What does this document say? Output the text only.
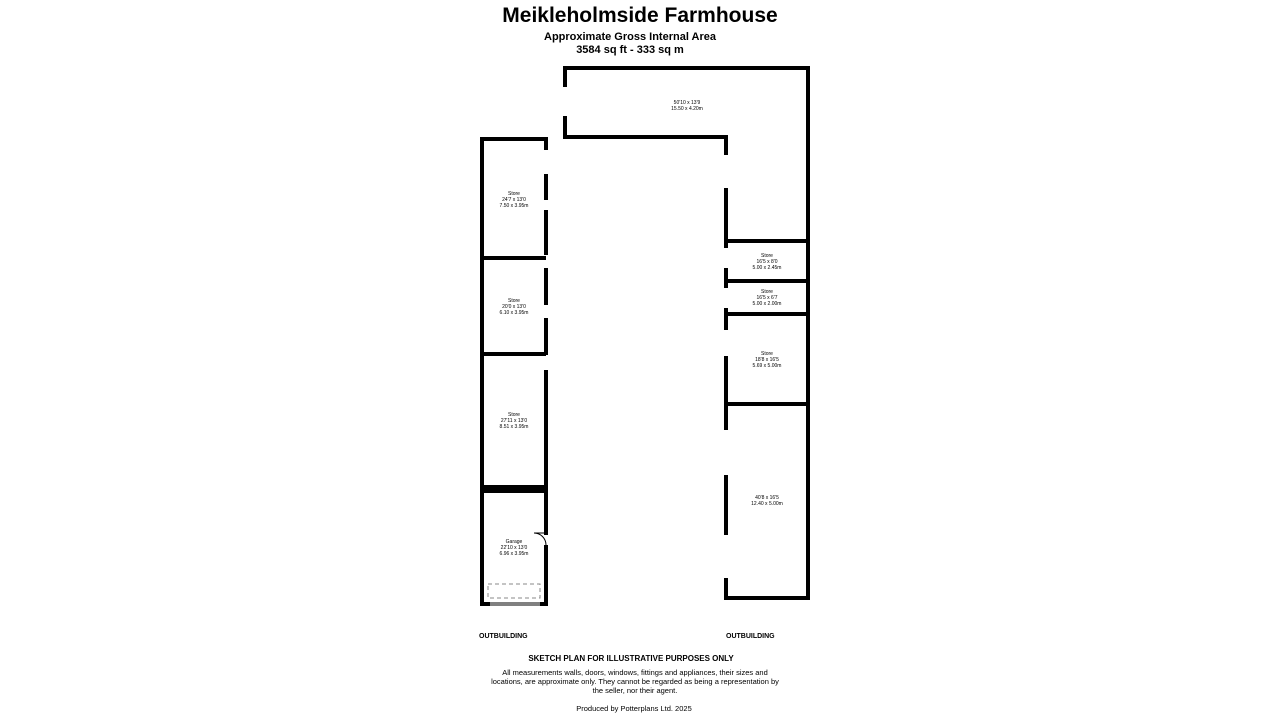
Meikleholmside Farmhouse
Approximate Gross Internal Area
3584 sq ft - 333 sq m
50'10 x 13'9
15.50 x 4.20m
Store
24'7 x 13'0
7.50 x 3.95m
Store
20'0 x 13'0
6.10 x 3.95m
Store
27'11 x 13'0
8.51 x 3.95m
Garage
22'10 x 13'0
6.96 x 3.95m
Store
16'5 x 8'0
5.00 x 2.45m
Store
16'5 x 6'7
5.00 x 2.00m
Store
18'8 x 16'5
5.69 x 5.00m
40'8 x 16'5
12.40 x 5.00m
OUTBUILDING	OUTBUILDING
SKETCH PLAN FOR ILLUSTRATIVE PURPOSES ONLY
All measurements walls, doors, windows, fittings and appliances, their sizes and locations, are approximate only. They cannot be regarded as being a representation by the seller, nor their agent.
Produced by Potterplans Ltd. 2025
